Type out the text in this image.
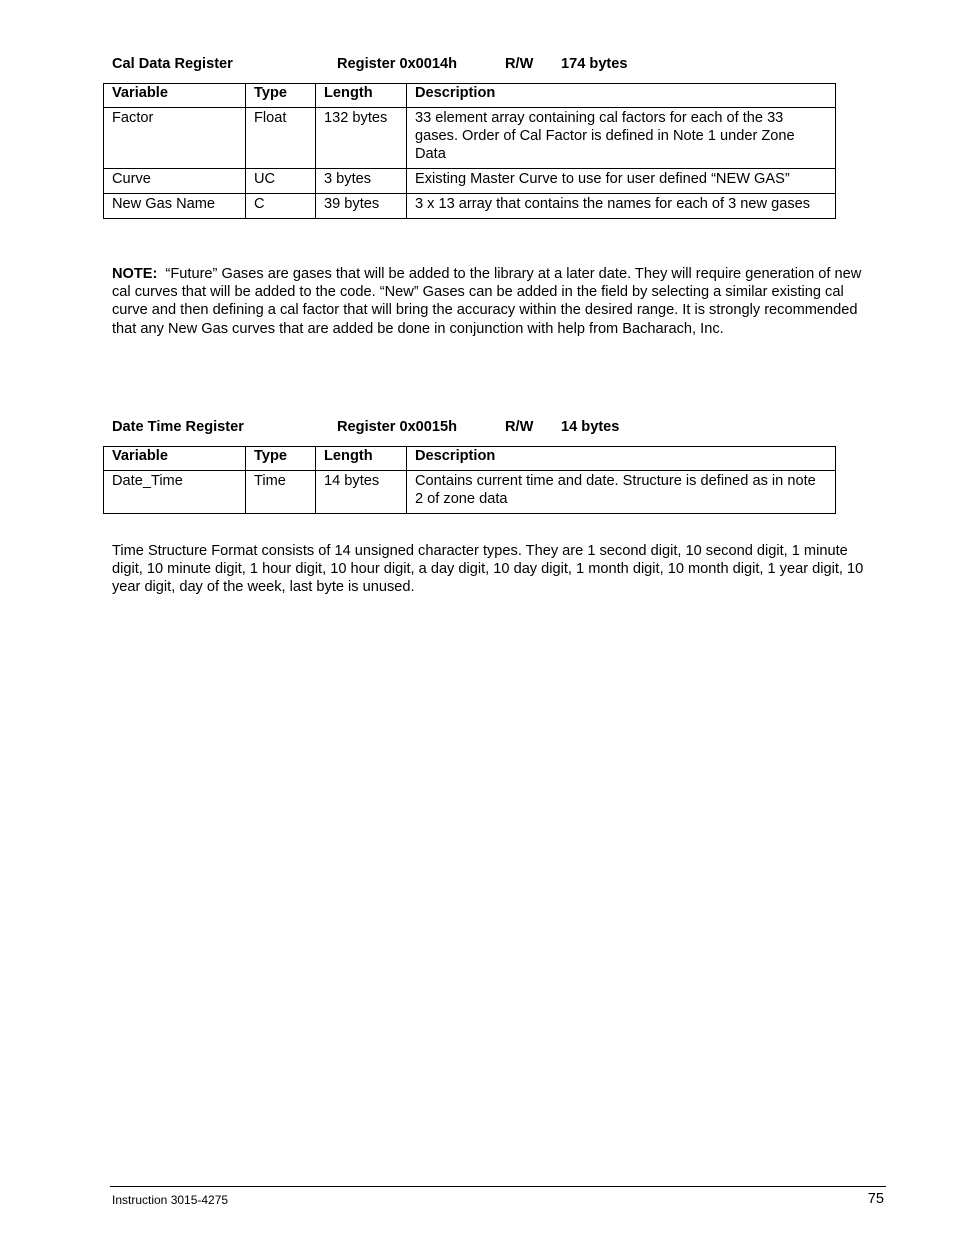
Cal Data Register	Register 0x0014h	R/W 174 bytes
Variable	Type	Length	Description
Factor	Float	132 bytes	33 element array containing cal factors for each of the 33 gases. Order of Cal Factor is defined in Note 1 under Zone Data
Curve	UC	3 bytes	Existing Master Curve to use for user defined “NEW GAS”
New Gas Name	C	39 bytes	3 x 13 array that contains the names for each of 3 new gases

NOTE: “Future” Gases are gases that will be added to the library at a later date. They will require generation of new cal curves that will be added to the code. “New” Gases can be added in the field by selecting a similar existing cal curve and then defining a cal factor that will bring the accuracy within the desired range. It is strongly recommended that any New Gas curves that are added be done in conjunction with help from Bacharach, Inc.

Date Time Register	Register 0x0015h	R/W 14 bytes
Variable	Type	Length	Description
Date_Time	Time	14 bytes	Contains current time and date. Structure is defined as in note 2 of zone data

Time Structure Format consists of 14 unsigned character types. They are 1 second digit, 10 second digit, 1 minute digit, 10 minute digit, 1 hour digit, 10 hour digit, a day digit, 10 day digit, 1 month digit, 10 month digit, 1 year digit, 10 year digit, day of the week, last byte is unused.

Instruction 3015-4275	75
